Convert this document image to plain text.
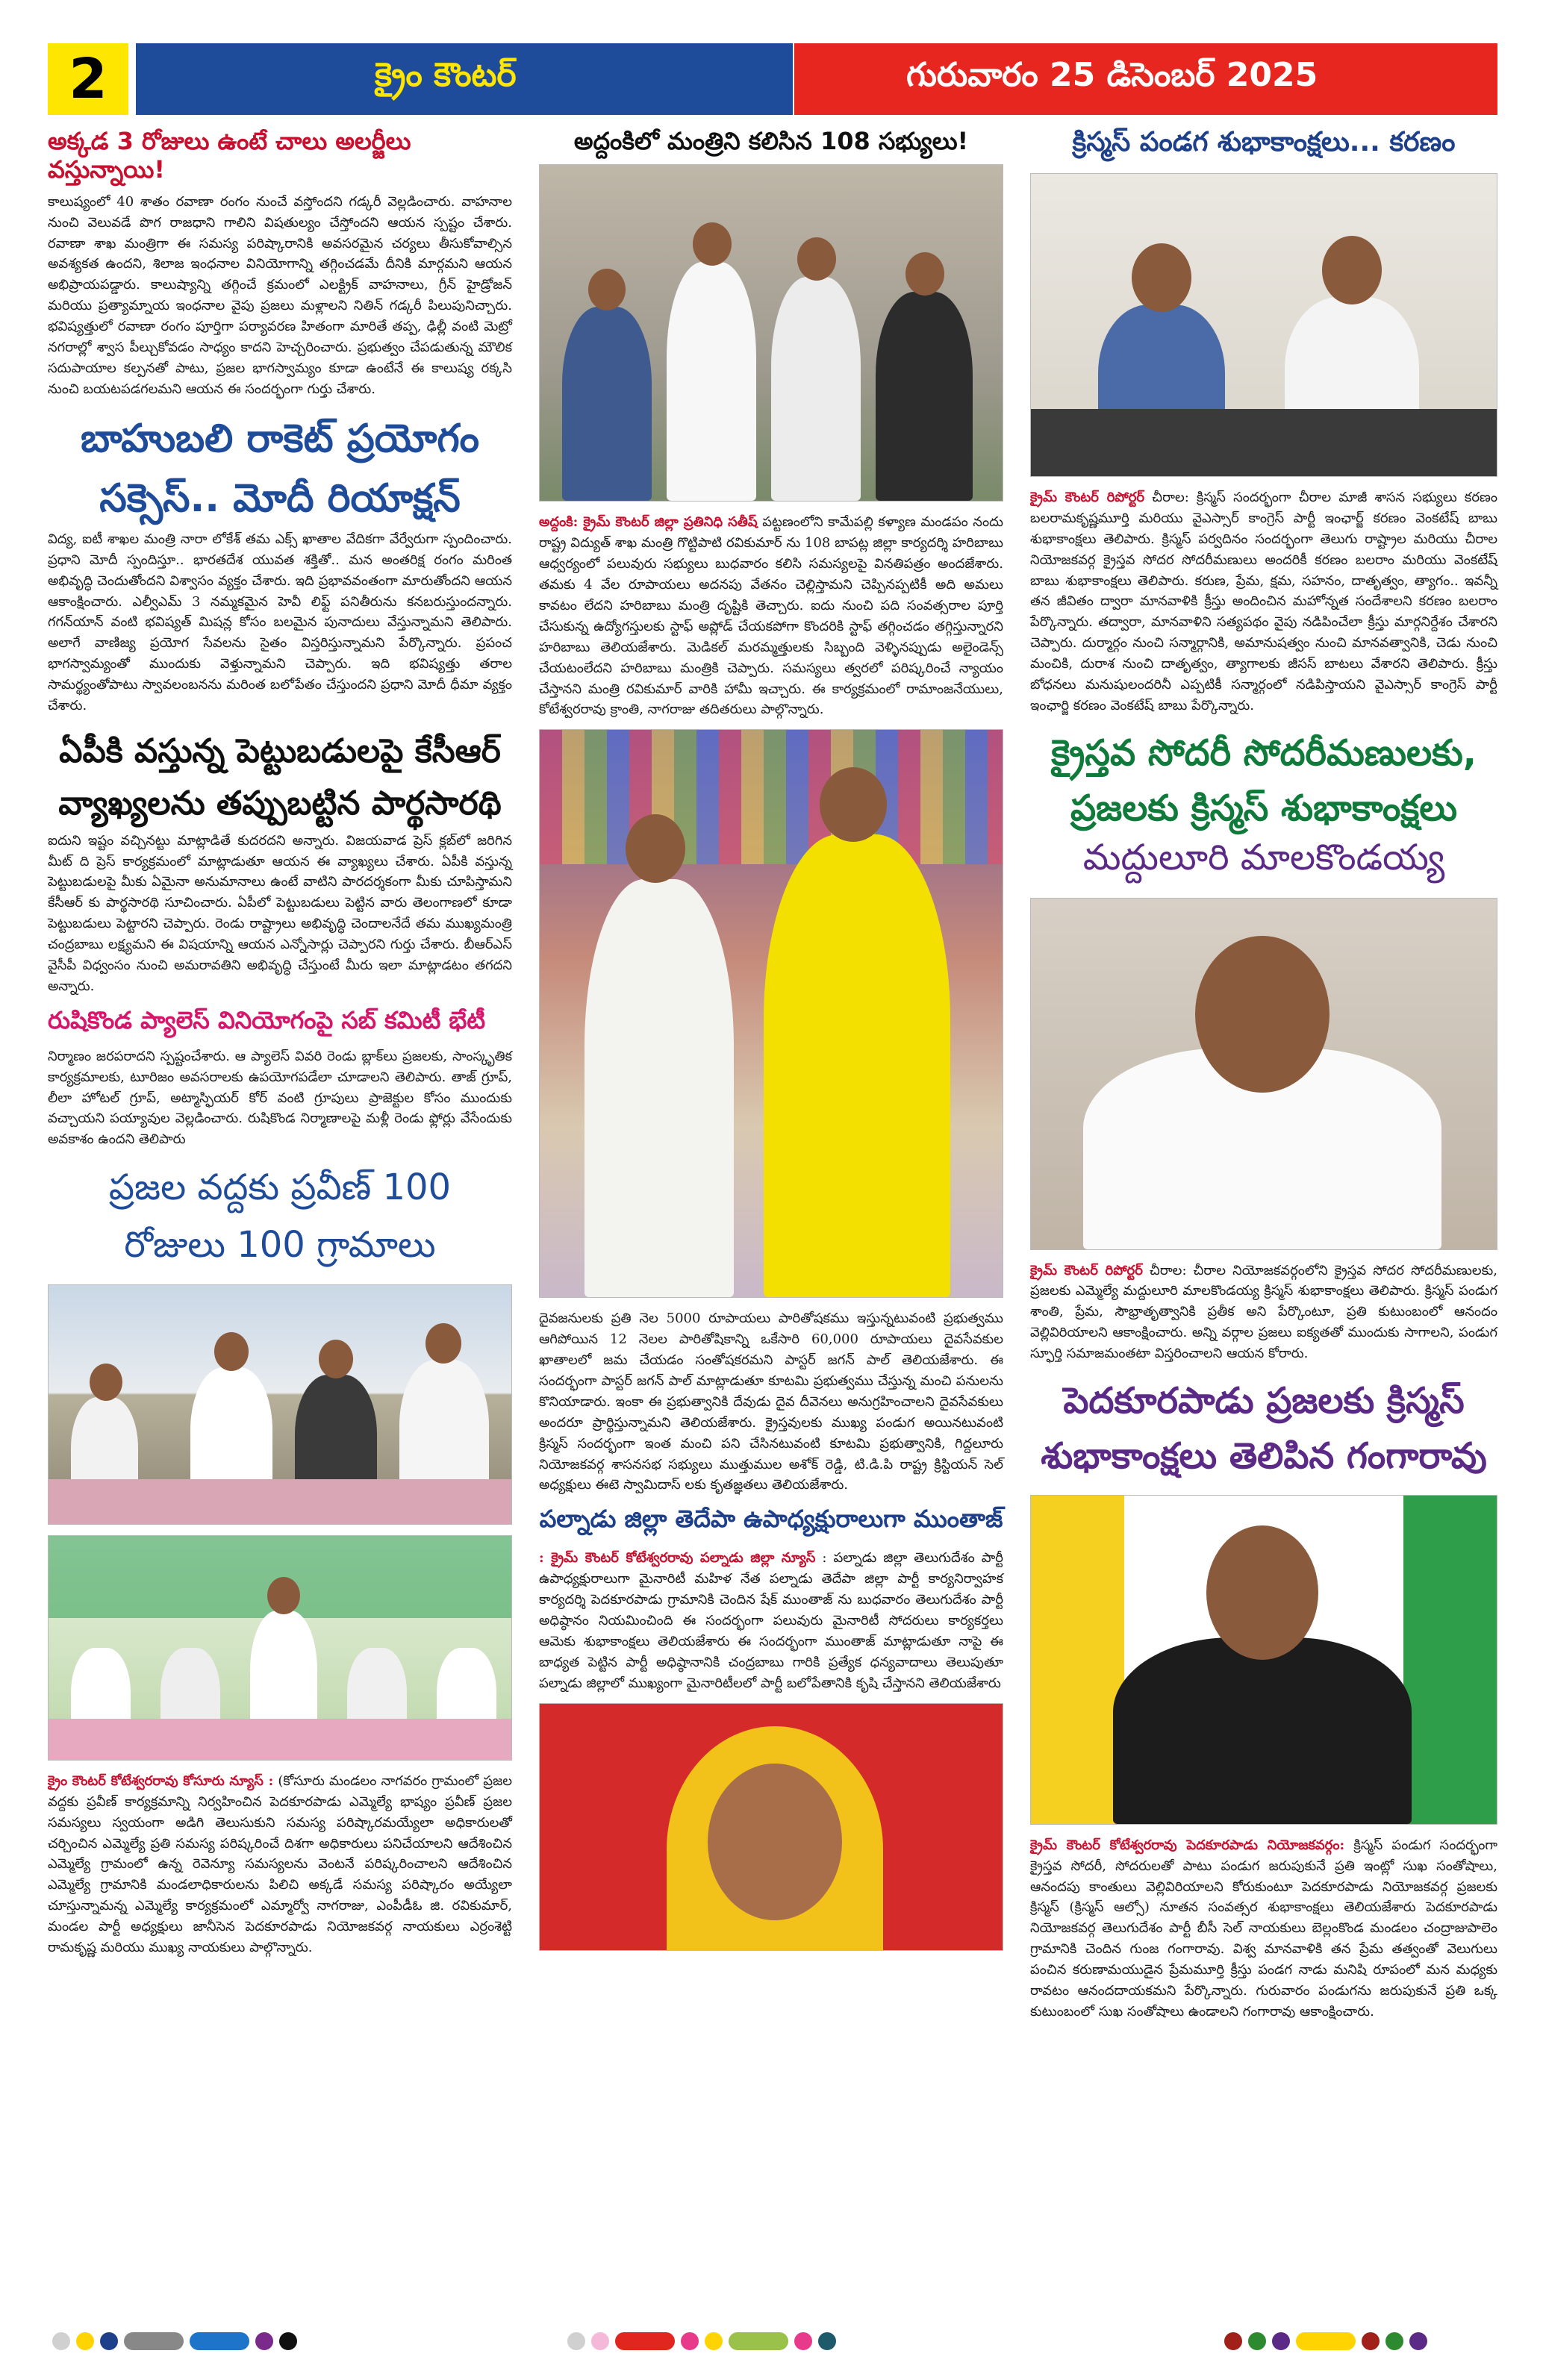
2	క్రైం కౌంటర్	గురువారం 25 డిసెంబర్ 2025
అక్కడ 3 రోజులు ఉంటే చాలు అలర్జీలు వస్తున్నాయి!

కాలుష్యంలో 40 శాతం రవాణా రంగం నుంచే వస్తోందని గడ్కరీ వెల్లడించారు. వాహనాల నుంచి వెలువడే పొగ రాజధాని గాలిని విషతుల్యం చేస్తోందని ఆయన స్పష్టం చేశారు. రవాణా శాఖ మంత్రిగా ఈ సమస్య పరిష్కారానికి అవసరమైన చర్యలు తీసుకోవాల్సిన అవశ్యకత ఉందని, శిలాజ ఇంధనాల వినియోగాన్ని తగ్గించడమే దీనికి మార్గమని ఆయన అభిప్రాయపడ్డారు. కాలుష్యాన్ని తగ్గించే క్రమంలో ఎలక్ట్రిక్ వాహనాలు, గ్రీన్ హైడ్రోజన్ మరియు ప్రత్యామ్నాయ ఇంధనాల వైపు ప్రజలు మళ్లాలని నితిన్ గడ్కరీ పిలుపునిచ్చారు. భవిష్యత్తులో రవాణా రంగం పూర్తిగా పర్యావరణ హితంగా మారితే తప్ప, ఢిల్లీ వంటి మెట్రో నగరాల్లో శ్వాస పీల్చుకోవడం సాధ్యం కాదని హెచ్చరించారు. ప్రభుత్వం చేపడుతున్న మౌలిక సదుపాయాల కల్పనతో పాటు, ప్రజల భాగస్వామ్యం కూడా ఉంటేనే ఈ కాలుష్య రక్కసి నుంచి బయటపడగలమని ఆయన ఈ సందర్భంగా గుర్తు చేశారు.

బాహుబలి రాకెట్ ప్రయోగం
సక్సెస్.. మోదీ రియాక్షన్

విద్య, ఐటీ శాఖల మంత్రి నారా లోకేశ్ తమ ఎక్స్ ఖాతాల వేదికగా వేర్వేరుగా స్పందించారు. ప్రధాని మోదీ స్పందిస్తూ.. భారతదేశ యువత శక్తితో.. మన అంతరిక్ష రంగం మరింత అభివృద్ధి చెందుతోందని విశ్వాసం వ్యక్తం చేశారు. ఇది ప్రభావవంతంగా మారుతోందని ఆయన ఆకాంక్షించారు. ఎల్వీఎమ్ 3 నమ్మకమైన హెవీ లిఫ్ట్ పనితీరును కనబరుస్తుందన్నారు. గగన్‌యాన్ వంటి భవిష్యత్ మిషన్ల కోసం బలమైన పునాదులు వేస్తున్నామని తెలిపారు. అలాగే వాణిజ్య ప్రయోగ సేవలను సైతం విస్తరిస్తున్నామని పేర్కొన్నారు. ప్రపంచ భాగస్వామ్యంతో ముందుకు వెళ్తున్నామని చెప్పారు. ఇది భవిష్యత్తు తరాల సామర్థ్యంతోపాటు స్వావలంబనను మరింత బలోపేతం చేస్తుందని ప్రధాని మోదీ ధీమా వ్యక్తం చేశారు.

ఏపీకి వస్తున్న పెట్టుబడులపై కేసీఆర్
వ్యాఖ్యలను తప్పుబట్టిన పార్థసారథి

ఐదుని ఇష్టం వచ్చినట్టు మాట్లాడితే కుదరదని అన్నారు. విజయవాడ ప్రెస్ క్లబ్‌లో జరిగిన మీట్ ది ప్రెస్ కార్యక్రమంలో మాట్లాడుతూ ఆయన ఈ వ్యాఖ్యలు చేశారు. ఏపీకి వస్తున్న పెట్టుబడులపై మీకు ఏమైనా అనుమానాలు ఉంటే వాటిని పారదర్శకంగా మీకు చూపిస్తామని కేసీఆర్ కు పార్థసారథి సూచించారు. ఏపీలో పెట్టుబడులు పెట్టిన వారు తెలంగాణలో కూడా పెట్టుబడులు పెట్టారని చెప్పారు. రెండు రాష్ట్రాలు అభివృద్ధి చెందాలనేదే తమ ముఖ్యమంత్రి చంద్రబాబు లక్ష్యమని ఈ విషయాన్ని ఆయన ఎన్నోసార్లు చెప్పారని గుర్తు చేశారు. బీఆర్ఎస్ వైసీపీ విధ్వంసం నుంచి అమరావతిని అభివృద్ధి చేస్తుంటే మీరు ఇలా మాట్లాడటం తగదని అన్నారు.

రుషికొండ ప్యాలెస్ వినియోగంపై సబ్ కమిటీ భేటీ

నిర్మాణం జరపరాదని స్పష్టంచేశారు. ఆ ప్యాలెస్ వివరి రెండు బ్లాక్‌లు ప్రజలకు, సాంస్కృతిక కార్యక్రమాలకు, టూరిజం అవసరాలకు ఉపయోగపడేలా చూడాలని తెలిపారు. తాజ్ గ్రూప్, లీలా హోటల్ గ్రూప్, అట్మాస్ఫియర్ కోర్ వంటి గ్రూపులు ప్రాజెక్టుల కోసం ముందుకు వచ్చాయని పయ్యావుల వెల్లడించారు. రుషికొండ నిర్మాణాలపై మళ్లీ రెండు ఫ్లోర్లు వేసేందుకు అవకాశం ఉందని తెలిపారు

ప్రజల వద్దకు ప్రవీణ్ 100
రోజులు 100 గ్రామాలు

క్రైం కౌంటర్ కోటేశ్వరరావు కోసూరు న్యూస్ : (కోసూరు మండలం నాగవరం గ్రామంలో ప్రజల వద్దకు ప్రవీణ్ కార్యక్రమాన్ని నిర్వహించిన పెదకూరపాడు ఎమ్మెల్యే భాష్యం ప్రవీణ్ ప్రజల సమస్యలు స్వయంగా అడిగి తెలుసుకుని సమస్య పరిష్కారమయ్యేలా అధికారులతో చర్చించిన ఎమ్మెల్యే ప్రతి సమస్య పరిష్కరించే దిశగా అధికారులు పనిచేయాలని ఆదేశించిన ఎమ్మెల్యే గ్రామంలో ఉన్న రెవెన్యూ సమస్యలను వెంటనే పరిష్కరించాలని ఆదేశించిన ఎమ్మెల్యే గ్రామానికి మండలాధికారులను పిలిచి అక్కడే సమస్య పరిష్కారం అయ్యేలా చూస్తున్నామన్న ఎమ్మెల్యే కార్యక్రమంలో ఎమ్మార్వో నాగరాజు, ఎంపీడీఓ జి. రవికుమార్, మండల పార్టీ అధ్యక్షులు జానీసెన పెదకూరపాడు నియోజకవర్గ నాయకులు ఎర్రంశెట్టి రామకృష్ణ మరియు ముఖ్య నాయకులు పాల్గొన్నారు.

అద్దంకిలో మంత్రిని కలిసిన 108 సభ్యులు!

అద్దంకి: క్రైమ్ కౌంటర్ జిల్లా ప్రతినిధి సతీష్ పట్టణంలోని కామేపల్లి కళ్యాణ మండపం నందు రాష్ట్ర విద్యుత్ శాఖ మంత్రి గొట్టిపాటి రవికుమార్ ను 108 బాపట్ల జిల్లా కార్యదర్శి హరిబాబు ఆధ్వర్యంలో పలువురు సభ్యులు బుధవారం కలిసి సమస్యలపై వినతిపత్రం అందజేశారు. తమకు 4 వేల రూపాయలు అదనపు వేతనం చెల్లిస్తామని చెప్పినప్పటికీ అది అమలు కావటం లేదని హరిబాబు మంత్రి దృష్టికి తెచ్చారు. ఐదు నుంచి పది సంవత్సరాల పూర్తి చేసుకున్న ఉద్యోగస్తులకు స్టాఫ్ అప్లోడ్ చేయకపోగా కొందరికి స్టాఫ్ తగ్గించడం తగ్గిస్తున్నారని హరిబాబు తెలియజేశారు. మెడికల్ మరమ్మత్తులకు సిబ్బంది వెళ్ళినప్పుడు అలైండెన్స్ చేయటంలేదని హరిబాబు మంత్రికి చెప్పారు. సమస్యలు త్వరలో పరిష్కరించే న్యాయం చేస్తానని మంత్రి రవికుమార్ వారికి హామీ ఇచ్చారు. ఈ కార్యక్రమంలో రామాంజనేయులు, కోటేశ్వరరావు క్రాంతి, నాగరాజు తదితరులు పాల్గొన్నారు.

దైవజనులకు ప్రతి నెల 5000 రూపాయలు పారితోషకము ఇస్తున్నటువంటి ప్రభుత్వము ఆగిపోయిన 12 నెలల పారితోషికాన్ని ఒకేసారి 60,000 రూపాయలు దైవసేవకుల ఖాతాలలో జమ చేయడం సంతోషకరమని పాస్టర్ జగన్ పాల్ తెలియజేశారు. ఈ సందర్భంగా పాస్టర్ జగన్ పాల్ మాట్లాడుతూ కూటమి ప్రభుత్వము చేస్తున్న మంచి పనులను కొనియాడారు. ఇంకా ఈ ప్రభుత్వానికి దేవుడు దైవ దీవెనలు అనుగ్రహించాలని దైవసేవకులు అందరూ ప్రార్థిస్తున్నామని తెలియజేశారు. క్రైస్తవులకు ముఖ్య పండుగ అయినటువంటి క్రిస్మస్ సందర్భంగా ఇంత మంచి పని చేసినటువంటి కూటమి ప్రభుత్వానికి, గిద్దలూరు నియోజకవర్గ శాసనసభ సభ్యులు ముత్తుముల అశోక్ రెడ్డి, టి.డి.పి రాష్ట్ర క్రిస్టియన్ సెల్ అధ్యక్షులు ఈటె స్వామిదాస్ లకు కృతజ్ఞతలు తెలియజేశారు.

పల్నాడు జిల్లా తెదేపా ఉపాధ్యక్షురాలుగా ముంతాజ్

: క్రైమ్ కౌంటర్ కోటేశ్వరరావు పల్నాడు జిల్లా న్యూస్ : పల్నాడు జిల్లా తెలుగుదేశం పార్టీ ఉపాధ్యక్షురాలుగా మైనారిటీ మహిళ నేత పల్నాడు తెదేపా జిల్లా పార్టీ కార్యనిర్వాహక కార్యదర్శి పెదకూరపాడు గ్రామానికి చెందిన షేక్ ముంతాజ్ ను బుధవారం తెలుగుదేశం పార్టీ అధిష్ఠానం నియమించింది ఈ సందర్భంగా పలువురు మైనారిటీ సోదరులు కార్యకర్తలు ఆమెకు శుభాకాంక్షలు తెలియజేశారు ఈ సందర్భంగా ముంతాజ్ మాట్లాడుతూ నాపై ఈ బాధ్యత పెట్టిన పార్టీ అధిష్ఠానానికి చంద్రబాబు గారికి ప్రత్యేక ధన్యవాదాలు తెలుపుతూ పల్నాడు జిల్లాలో ముఖ్యంగా మైనారిటీలలో పార్టీ బలోపేతానికి కృషి చేస్తానని తెలియజేశారు

క్రిస్మస్ పండగ శుభాకాంక్షలు... కరణం

క్రైమ్ కౌంటర్ రిపోర్టర్ చీరాల: క్రిస్మస్ సందర్భంగా చీరాల మాజీ శాసన సభ్యులు కరణం బలరామకృష్ణమూర్తి మరియు వైఎస్సార్ కాంగ్రెస్ పార్టీ ఇంఛార్జ్ కరణం వెంకటేష్ బాబు శుభాకాంక్షలు తెలిపారు. క్రిస్మస్ పర్వదినం సందర్భంగా తెలుగు రాష్ట్రాల మరియు చీరాల నియోజకవర్గ క్రైస్తవ సోదర సోదరీమణులు అందరికీ కరణం బలరాం మరియు వెంకటేష్ బాబు శుభాకాంక్షలు తెలిపారు. కరుణ, ప్రేమ, క్షమ, సహనం, దాతృత్వం, త్యాగం.. ఇవన్నీ తన జీవితం ద్వారా మానవాళికి క్రీస్తు అందించిన మహోన్నత సందేశాలని కరణం బలరాం పేర్కొన్నారు. తద్వారా, మానవాళిని సత్యపథం వైపు నడిపించేలా క్రీస్తు మార్గనిర్దేశం చేశారని చెప్పారు. దుర్మార్గం నుంచి సన్మార్గానికి, అమానుషత్వం నుంచి మానవత్వానికి, చెడు నుంచి మంచికి, దురాశ నుంచి దాతృత్వం, త్యాగాలకు జీసస్ బాటలు వేశారని తెలిపారు. క్రీస్తు బోధనలు మనుషులందరినీ ఎప్పటికీ సన్మార్గంలో నడిపిస్తాయని వైఎస్సార్ కాంగ్రెస్ పార్టీ ఇంఛార్జి కరణం వెంకటేష్ బాబు పేర్కొన్నారు.

క్రైస్తవ సోదరీ సోదరీమణులకు,
ప్రజలకు క్రిస్మస్ శుభాకాంక్షలు
మద్దులూరి మాలకొండయ్య

క్రైమ్ కౌంటర్ రిపోర్టర్ చీరాల: చీరాల నియోజకవర్గంలోని క్రైస్తవ సోదర సోదరీమణులకు, ప్రజలకు ఎమ్మెల్యే మద్దులూరి మాలకొండయ్య క్రిస్మస్ శుభాకాంక్షలు తెలిపారు. క్రిస్మస్ పండుగ శాంతి, ప్రేమ, సౌభ్రాతృత్వానికి ప్రతీక అని పేర్కొంటూ, ప్రతి కుటుంబంలో ఆనందం వెల్లివిరియాలని ఆకాంక్షించారు. అన్ని వర్గాల ప్రజలు ఐక్యతతో ముందుకు సాగాలని, పండుగ స్ఫూర్తి సమాజమంతటా విస్తరించాలని ఆయన కోరారు.

పెదకూరపాడు ప్రజలకు క్రిస్మస్
శుభాకాంక్షలు తెలిపిన గంగారావు

క్రైమ్ కౌంటర్ కోటేశ్వరరావు పెదకూరపాడు నియోజకవర్గం: క్రిస్మస్ పండుగ సందర్భంగా క్రైస్తవ సోదరీ, సోదరులతో పాటు పండుగ జరుపుకునే ప్రతి ఇంట్లో సుఖ సంతోషాలు, ఆనందపు కాంతులు వెల్లివిరియాలని కోరుకుంటూ పెదకూరపాడు నియోజకవర్గ ప్రజలకు క్రిస్మస్ (క్రిస్మస్ ఆల్సో) నూతన సంవత్సర శుభాకాంక్షలు తెలియజేశారు పెదకూరపాడు నియోజకవర్గ తెలుగుదేశం పార్టీ బీసీ సెల్ నాయకులు బెల్లంకొండ మండలం చంద్రాజుపాలెం గ్రామానికి చెందిన గుంజ గంగారావు. విశ్వ మానవాళికి తన ప్రేమ తత్వంతో వెలుగులు పంచిన కరుణామయుడైన ప్రేమమూర్తి క్రీస్తు పండగ నాడు మనిషి రూపంలో మన మధ్యకు రావటం ఆనందదాయకమని పేర్కొన్నారు. గురువారం పండుగను జరుపుకునే ప్రతి ఒక్క కుటుంబంలో సుఖ సంతోషాలు ఉండాలని గంగారావు ఆకాంక్షించారు.
